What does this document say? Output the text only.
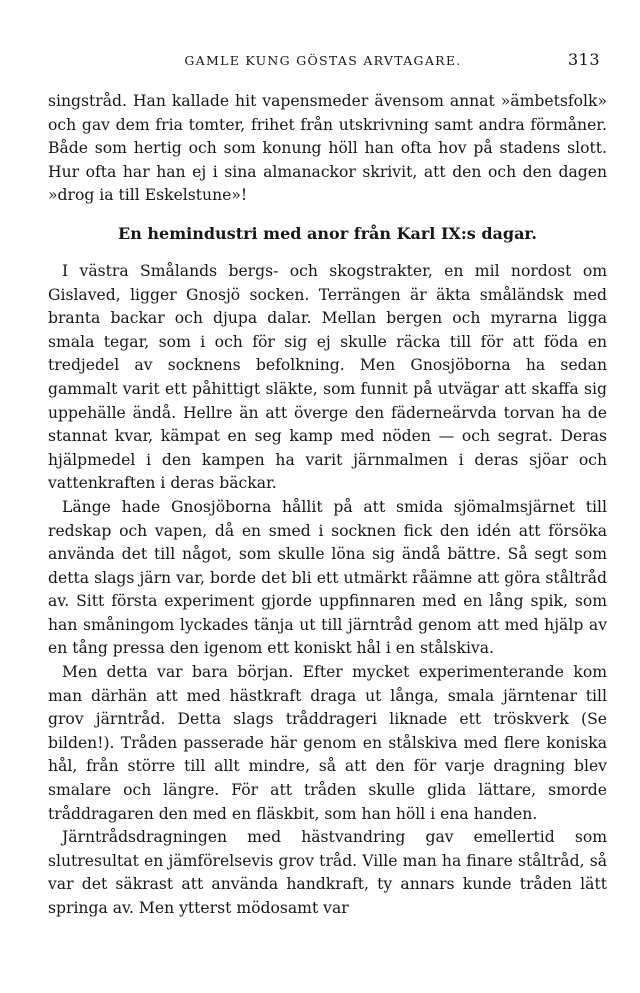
GAMLE KUNG GÖSTAS ARVTAGARE.	313

singstråd. Han kallade hit vapensmeder ävensom annat »ämbetsfolk» och gav dem fria tomter, frihet från utskrivning samt andra förmåner. Både som hertig och som konung höll han ofta hov på stadens slott. Hur ofta har han ej i sina almanackor skrivit, att den och den dagen »drog ia till Eskelstune»!

En hemindustri med anor från Karl IX:s dagar.

I västra Smålands bergs- och skogstrakter, en mil nordost om Gislaved, ligger Gnosjö socken. Terrängen är äkta småländsk med branta backar och djupa dalar. Mellan bergen och myrarna ligga smala tegar, som i och för sig ej skulle räcka till för att föda en tredjedel av socknens befolkning. Men Gnosjöborna ha sedan gammalt varit ett påhittigt släkte, som funnit på utvägar att skaffa sig uppehälle ändå. Hellre än att överge den fäderneärvda torvan ha de stannat kvar, kämpat en seg kamp med nöden — och segrat. Deras hjälpmedel i den kampen ha varit järnmalmen i deras sjöar och vattenkraften i deras bäckar.

Länge hade Gnosjöborna hållit på att smida sjömalmsjärnet till redskap och vapen, då en smed i socknen fick den idén att försöka använda det till något, som skulle löna sig ändå bättre. Så segt som detta slags järn var, borde det bli ett utmärkt råämne att göra ståltråd av. Sitt första experiment gjorde uppfinnaren med en lång spik, som han småningom lyckades tänja ut till järntråd genom att med hjälp av en tång pressa den igenom ett koniskt hål i en stålskiva.

Men detta var bara början. Efter mycket experimenterande kom man därhän att med hästkraft draga ut långa, smala järntenar till grov järntråd. Detta slags tråddrageri liknade ett tröskverk (Se bilden!). Tråden passerade här genom en stålskiva med flere koniska hål, från större till allt mindre, så att den för varje dragning blev smalare och längre. För att tråden skulle glida lättare, smorde tråddragaren den med en fläskbit, som han höll i ena handen.

Järntrådsdragningen med hästvandring gav emellertid som slutresultat en jämförelsevis grov tråd. Ville man ha finare ståltråd, så var det säkrast att använda handkraft, ty annars kunde tråden lätt springa av. Men ytterst mödosamt var
